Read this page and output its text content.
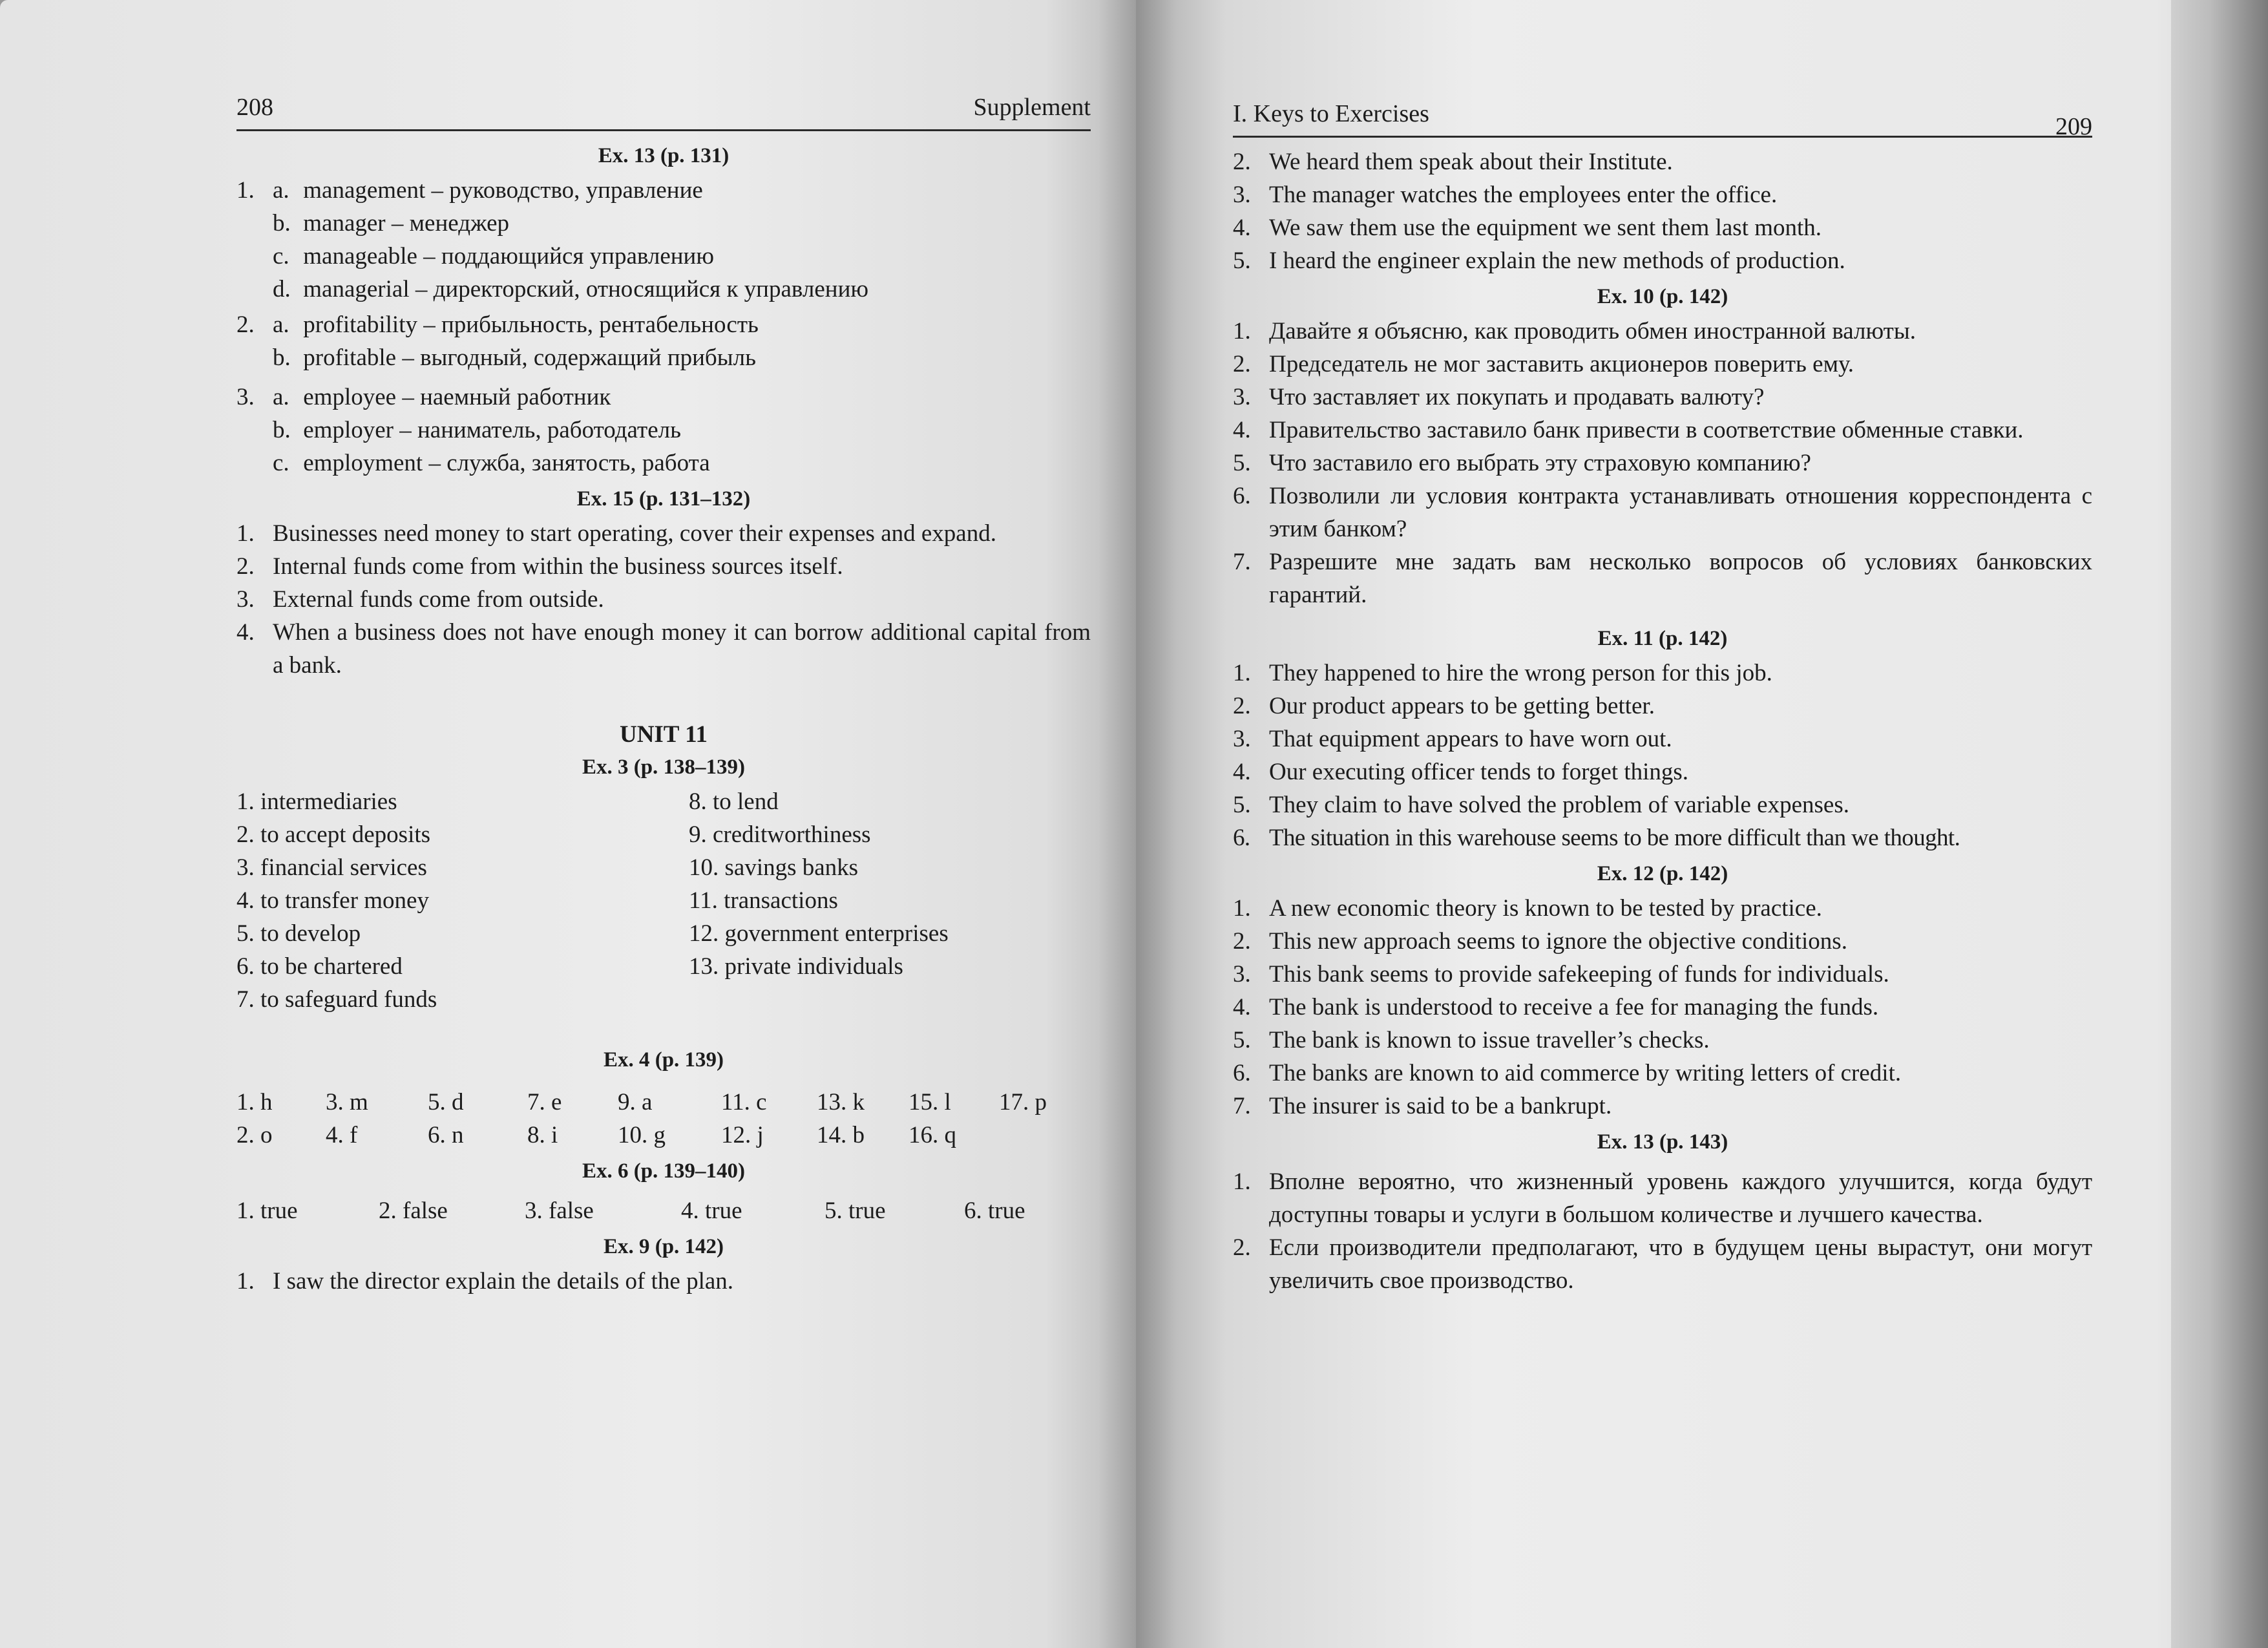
208	Supplement
Ex. 13 (p. 131)
1. a. management – руководство, управление
b. manager – менеджер
c. manageable – поддающийся управлению
d. managerial – директорский, относящийся к управлению
2. a. profitability – прибыльность, рентабельность
b. profitable – выгодный, содержащий прибыль
3. a. employee – наемный работник
b. employer – наниматель, работодатель
c. employment – служба, занятость, работа
Ex. 15 (p. 131–132)
1. Businesses need money to start operating, cover their expenses and expand.
2. Internal funds come from within the business sources itself.
3. External funds come from outside.
4. When a business does not have enough money it can borrow additional capital from a bank.
UNIT 11
Ex. 3 (p. 138–139)
1. intermediaries
2. to accept deposits
3. financial services
4. to transfer money
5. to develop
6. to be chartered
7. to safeguard funds
8. to lend
9. creditworthiness
10. savings banks
11. transactions
12. government enterprises
13. private individuals
Ex. 4 (p. 139)
1. h	3. m	5. d	7. e	9. a	11. c	13. k	15. l	17. p
2. o	4. f	6. n	8. i	10. g	12. j	14. b	16. q
Ex. 6 (p. 139–140)
1. true	2. false	3. false	4. true	5. true	6. true
Ex. 9 (p. 142)
1. I saw the director explain the details of the plan.
I. Keys to Exercises	209
2. We heard them speak about their Institute.
3. The manager watches the employees enter the office.
4. We saw them use the equipment we sent them last month.
5. I heard the engineer explain the new methods of production.
Ex. 10 (p. 142)
1. Давайте я объясню, как проводить обмен иностранной валюты.
2. Председатель не мог заставить акционеров поверить ему.
3. Что заставляет их покупать и продавать валюту?
4. Правительство заставило банк привести в соответствие обменные ставки.
5. Что заставило его выбрать эту страховую компанию?
6. Позволили ли условия контракта устанавливать отношения корреспондента с этим банком?
7. Разрешите мне задать вам несколько вопросов об условиях банковских гарантий.
Ex. 11 (p. 142)
1. They happened to hire the wrong person for this job.
2. Our product appears to be getting better.
3. That equipment appears to have worn out.
4. Our executing officer tends to forget things.
5. They claim to have solved the problem of variable expenses.
6. The situation in this warehouse seems to be more difficult than we thought.
Ex. 12 (p. 142)
1. A new economic theory is known to be tested by practice.
2. This new approach seems to ignore the objective conditions.
3. This bank seems to provide safekeeping of funds for individuals.
4. The bank is understood to receive a fee for managing the funds.
5. The bank is known to issue traveller’s checks.
6. The banks are known to aid commerce by writing letters of credit.
7. The insurer is said to be a bankrupt.
Ex. 13 (p. 143)
1. Вполне вероятно, что жизненный уровень каждого улучшится, когда будут доступны товары и услуги в большом количестве и лучшего качества.
2. Если производители предполагают, что в будущем цены вырастут, они могут увеличить свое производство.
